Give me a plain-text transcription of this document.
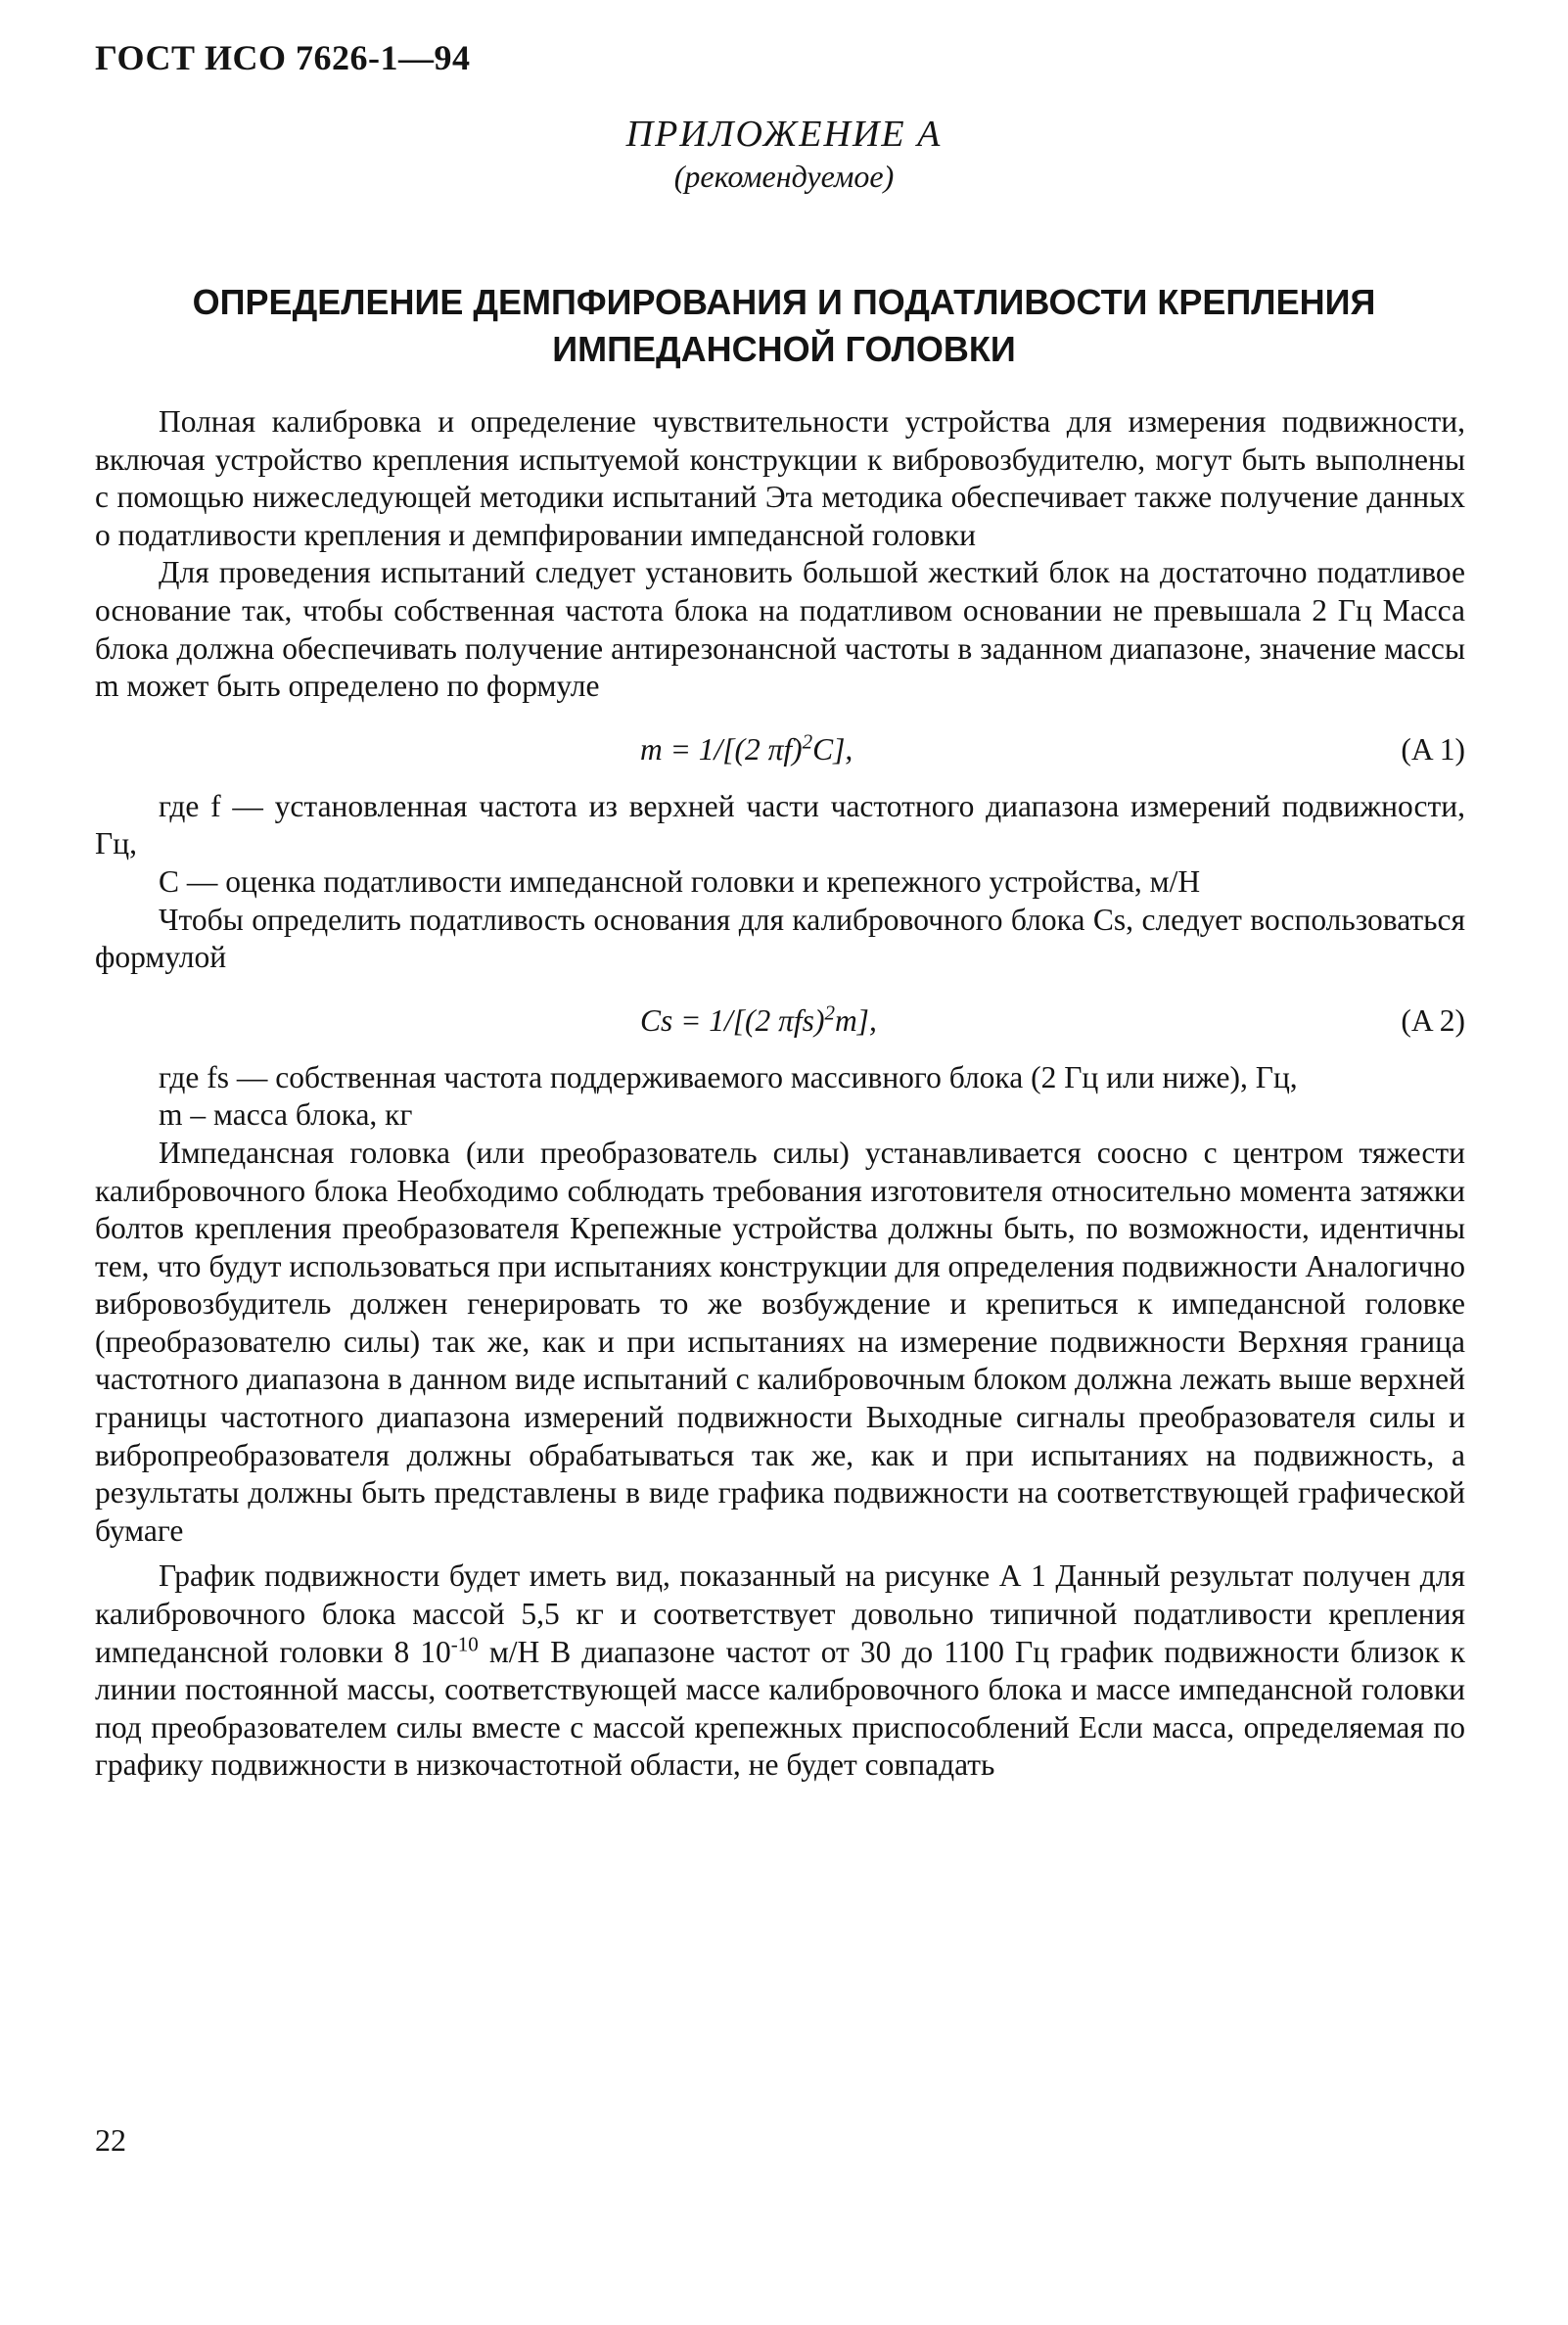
ГОСТ ИСО 7626-1—94
ПРИЛОЖЕНИЕ А
(рекомендуемое)
ОПРЕДЕЛЕНИЕ ДЕМПФИРОВАНИЯ И ПОДАТЛИВОСТИ КРЕПЛЕНИЯ
ИМПЕДАНСНОЙ ГОЛОВКИ

Полная калибровка и определение чувствительности устройства для измерения подвижности, включая устройство крепления испытуемой конструкции к вибровозбудителю, могут быть выполнены с помощью нижеследующей методики испытаний Эта методика обеспечивает также получение данных о податливости крепления и демпфировании импедансной головки

Для проведения испытаний следует установить большой жесткий блок на достаточно податливое основание так, чтобы собственная частота блока на податливом основании не превышала 2 Гц Масса блока должна обеспечивать получение антирезонансной частоты в заданном диапазоне, значение массы m может быть определено по формуле

m = 1/[(2 πf)$^2$C],	(A 1)

где f — установленная частота из верхней части частотного диапазона измерений подвижности, Гц,

C — оценка податливости импедансной головки и крепежного устройства, м/Н

Чтобы определить податливость основания для калибровочного блока Cs, следует воспользоваться формулой

Cs = 1/[(2 πfs)$^2$m],	(A 2)

где fs — собственная частота поддерживаемого массивного блока (2 Гц или ниже), Гц,

m – масса блока, кг

Импедансная головка (или преобразователь силы) устанавливается соосно с центром тяжести калибровочного блока Необходимо соблюдать требования изготовителя относительно момента затяжки болтов крепления преобразователя Крепежные устройства должны быть, по возможности, идентичны тем, что будут использоваться при испытаниях конструкции для определения подвижности Аналогично вибровозбудитель должен генерировать то же возбуждение и крепиться к импедансной головке (преобразователю силы) так же, как и при испытаниях на измерение подвижности Верхняя граница частотного диапазона в данном виде испытаний с калибровочным блоком должна лежать выше верхней границы частотного диапазона измерений подвижности Выходные сигналы преобразователя силы и вибропреобразователя должны обрабатываться так же, как и при испытаниях на подвижность, а результаты должны быть представлены в виде графика подвижности на соответствующей графической бумаге

График подвижности будет иметь вид, показанный на рисунке А 1 Данный результат получен для калибровочного блока массой 5,5 кг и соответствует довольно типичной податливости крепления импедансной головки 8 $10^{-10}$ м/Н В диапазоне частот от 30 до 1100 Гц график подвижности близок к линии постоянной массы, соответствующей массе калибровочного блока и массе импедансной головки под преобразователем силы вместе с массой крепежных приспособлений Если масса, определяемая по графику подвижности в низкочастотной области, не будет совпадать

22
